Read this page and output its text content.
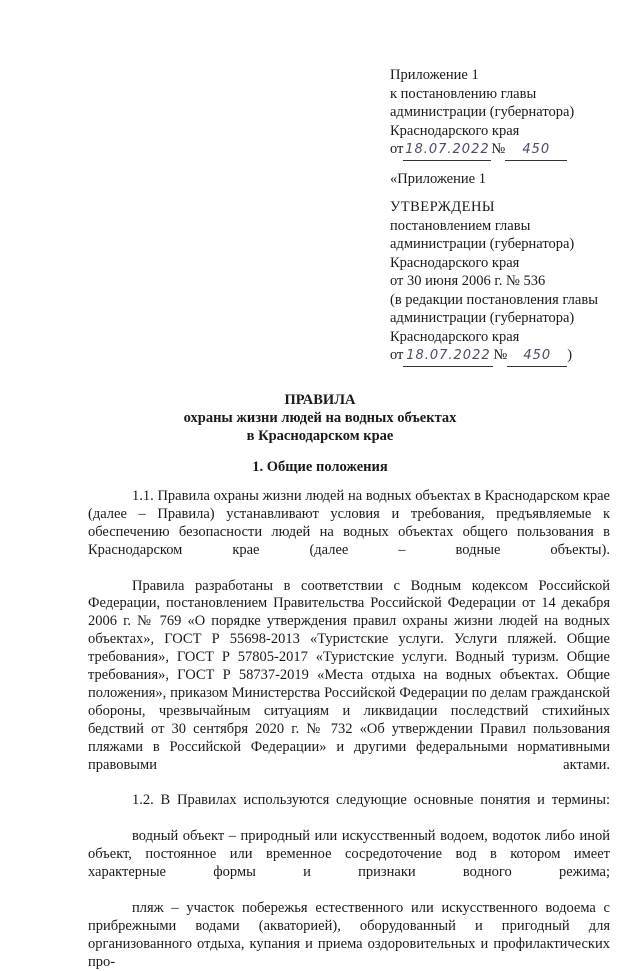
Приложение 1
к постановлению главы
администрации (губернатора)
Краснодарского края
от 18.07.2022 № 450
«Приложение 1
УТВЕРЖДЕНЫ
постановлением главы
администрации (губернатора)
Краснодарского края
от 30 июня 2006 г. № 536
(в редакции постановления главы
администрации (губернатора)
Краснодарского края
от 18.07.2022 № 450 )
ПРАВИЛА
охраны жизни людей на водных объектах
в Краснодарском крае
1. Общие положения

1.1. Правила охраны жизни людей на водных объектах в Краснодарском крае (далее – Правила) устанавливают условия и требования, предъявляемые к обеспечению безопасности людей на водных объектах общего пользования в Краснодарском крае (далее – водные объекты).

Правила разработаны в соответствии с Водным кодексом Российской Федерации, постановлением Правительства Российской Федерации от 14 декабря 2006 г. № 769 «О порядке утверждения правил охраны жизни людей на водных объектах», ГОСТ Р 55698-2013 «Туристские услуги. Услуги пляжей. Общие требования», ГОСТ Р 57805-2017 «Туристские услуги. Водный туризм. Общие требования», ГОСТ Р 58737-2019 «Места отдыха на водных объектах. Общие положения», приказом Министерства Российской Федерации по делам гражданской обороны, чрезвычайным ситуациям и ликвидации последствий стихийных бедствий от 30 сентября 2020 г. № 732 «Об утверждении Правил пользования пляжами в Российской Федерации» и другими федеральными нормативными правовыми актами.

1.2. В Правилах используются следующие основные понятия и термины:

водный объект – природный или искусственный водоем, водоток либо иной объект, постоянное или временное сосредоточение вод в котором имеет характерные формы и признаки водного режима;

пляж – участок побережья естественного или искусственного водоема с прибрежными водами (акваторией), оборудованный и пригодный для организованного отдыха, купания и приема оздоровительных и профилактических про-
